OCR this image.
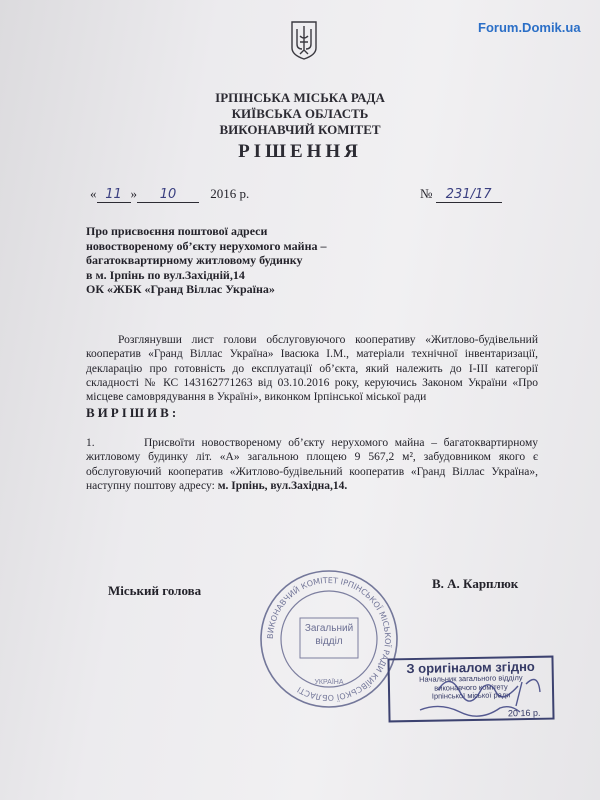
Forum.Domik.ua
ІРПІНСЬКА МІСЬКА РАДА
КИЇВСЬКА ОБЛАСТЬ
ВИКОНАВЧИЙ КОМІТЕТ
РІШЕННЯ
« 11 » 10	2016 р.	№ 231/17
Про присвоєння поштової адреси
новоствореному об’єкту нерухомого майна –
багатоквартирному житловому будинку
в м. Ірпінь по вул.Західній,14
ОК «ЖБК «Гранд Віллас Україна»
Розглянувши лист голови обслуговуючого кооперативу «Житлово-будівельний кооператив «Гранд Віллас Україна» Івасюка І.М., матеріали технічної інвентаризації, декларацію про готовність до експлуатації об’єкта, який належить до І-ІІІ категорії складності № КС 143162771263 від 03.10.2016 року, керуючись Законом України «Про місцеве самоврядування в Україні», виконком Ірпінської міської ради
ВИРІШИВ:
1.	Присвоїти новоствореному об’єкту нерухомого майна – багатоквартирному житловому будинку літ. «А» загальною площею 9 567,2 м², забудовником якого є обслуговуючий кооператив «Житлово-будівельний кооператив «Гранд Віллас Україна», наступну поштову адресу: м. Ірпінь, вул.Західна,14.
Міський голова	В. А. Карплюк
ВИКОНАВЧИЙ КОМІТЕТ ІРПІНСЬКОЇ МІСЬКОЇ РАДИ КИЇВСЬКОЇ ОБЛАСТІ
Загальний
відділ
УКРАЇНА
З оригіналом згідно
Начальник загального відділу
виконавчого комітету
Ірпінської міської ради
20 16 р.
